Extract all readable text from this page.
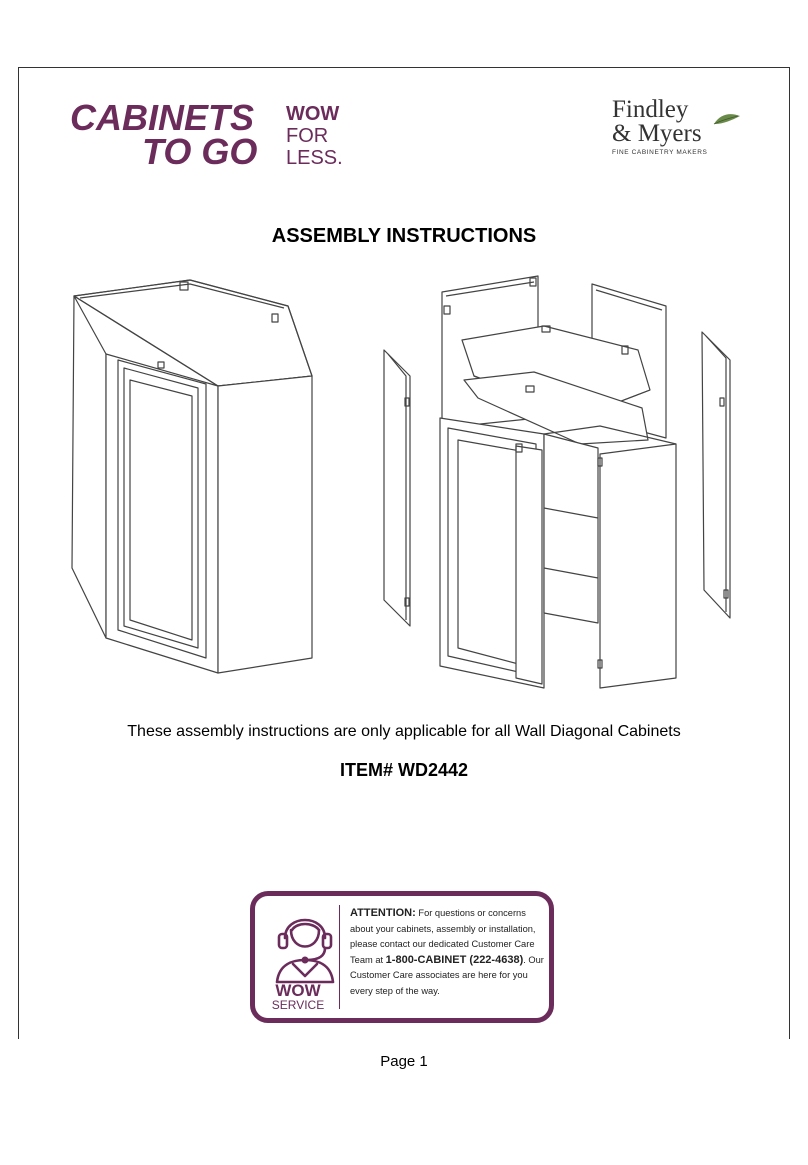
CABINETS
TO GO
WOW
FOR
LESS.
Findley
& Myers
FINE CABINETRY MAKERS
ASSEMBLY INSTRUCTIONS
These assembly instructions are only applicable for all Wall Diagonal Cabinets
ITEM# WD2442
WOW
SERVICE
ATTENTION: For questions or concerns about your cabinets, assembly or installation, please contact our dedicated Customer Care Team at 1-800-CABINET (222-4638). Our Customer Care associates are here for you every step of the way.
Page 1
